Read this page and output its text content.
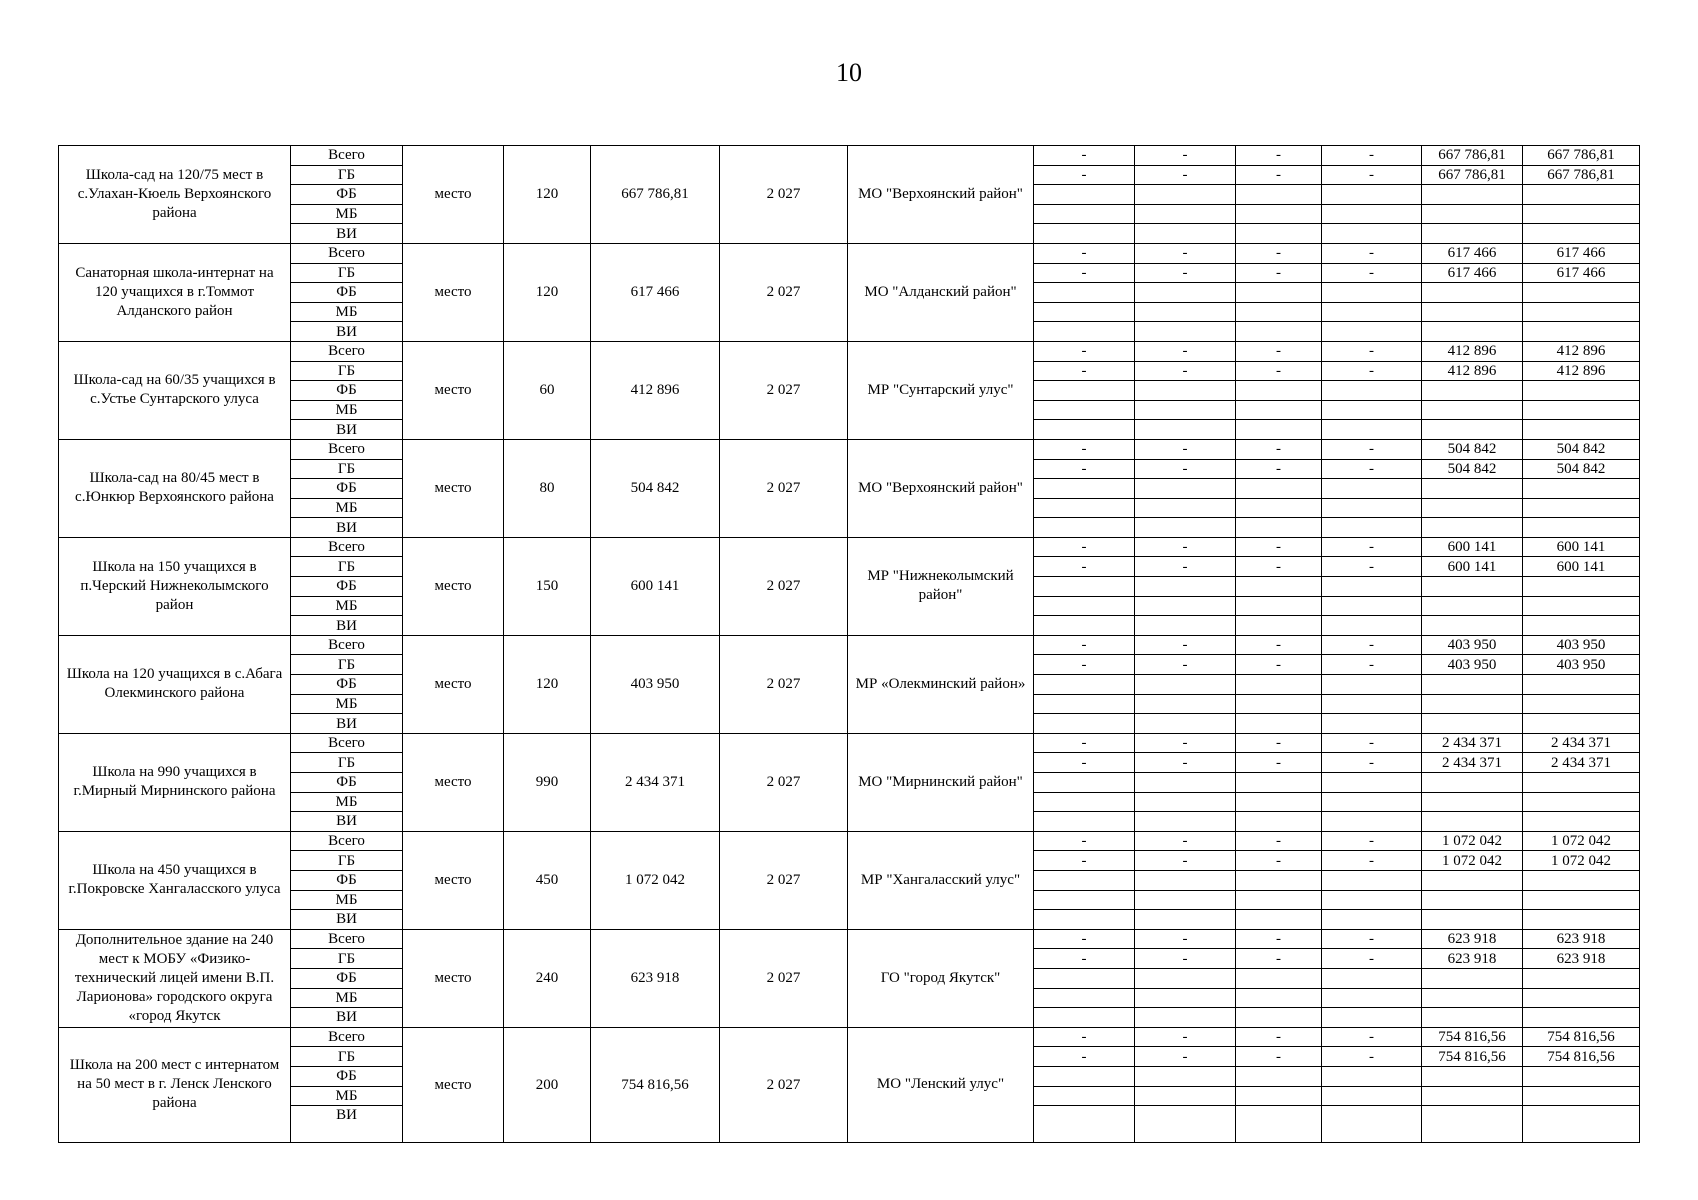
10
Школа-сад на 120/75 мест в с.Улахан-Кюель Верхоянского района	Всего	место	120	667 786,81	2 027	МО "Верхоянский район"	-	-	-	-	667 786,81	667 786,81
	ГБ						-	-	-	-	667 786,81	667 786,81
	ФБ											
	МБ											
	ВИ											
Санаторная школа-интернат на 120 учащихся в г.Томмот Алданского район	Всего	место	120	617 466	2 027	МО "Алданский район"	-	-	-	-	617 466	617 466
	ГБ						-	-	-	-	617 466	617 466
	ФБ											
	МБ											
	ВИ											
Школа-сад на 60/35 учащихся в с.Устье Сунтарского улуса	Всего	место	60	412 896	2 027	МР "Сунтарский улус"	-	-	-	-	412 896	412 896
	ГБ						-	-	-	-	412 896	412 896
	ФБ											
	МБ											
	ВИ											
Школа-сад на 80/45 мест в с.Юнкюр Верхоянского района	Всего	место	80	504 842	2 027	МО "Верхоянский район"	-	-	-	-	504 842	504 842
	ГБ						-	-	-	-	504 842	504 842
	ФБ											
	МБ											
	ВИ											
Школа на 150 учащихся в п.Черский Нижнеколымского район	Всего	место	150	600 141	2 027	МР "Нижнеколымский район"	-	-	-	-	600 141	600 141
	ГБ						-	-	-	-	600 141	600 141
	ФБ											
	МБ											
	ВИ											
Школа на 120 учащихся в с.Абага Олекминского района	Всего	место	120	403 950	2 027	МР «Олекминский район»	-	-	-	-	403 950	403 950
	ГБ						-	-	-	-	403 950	403 950
	ФБ											
	МБ											
	ВИ											
Школа на 990 учащихся в г.Мирный Мирнинского района	Всего	место	990	2 434 371	2 027	МО "Мирнинский район"	-	-	-	-	2 434 371	2 434 371
	ГБ						-	-	-	-	2 434 371	2 434 371
	ФБ											
	МБ											
	ВИ											
Школа на 450 учащихся в г.Покровске Хангаласского улуса	Всего	место	450	1 072 042	2 027	МР "Хангаласский улус"	-	-	-	-	1 072 042	1 072 042
	ГБ						-	-	-	-	1 072 042	1 072 042
	ФБ											
	МБ											
	ВИ											
Дополнительное здание на 240 мест к МОБУ «Физико-технический лицей имени В.П. Ларионова» городского округа «город Якутск	Всего	место	240	623 918	2 027	ГО "город Якутск"	-	-	-	-	623 918	623 918
	ГБ						-	-	-	-	623 918	623 918
	ФБ											
	МБ											
	ВИ											
Школа на 200 мест с интернатом на 50 мест в г. Ленск Ленского района	Всего	место	200	754 816,56	2 027	МО "Ленский улус"	-	-	-	-	754 816,56	754 816,56
	ГБ						-	-	-	-	754 816,56	754 816,56
	ФБ											
	МБ											
	ВИ											
